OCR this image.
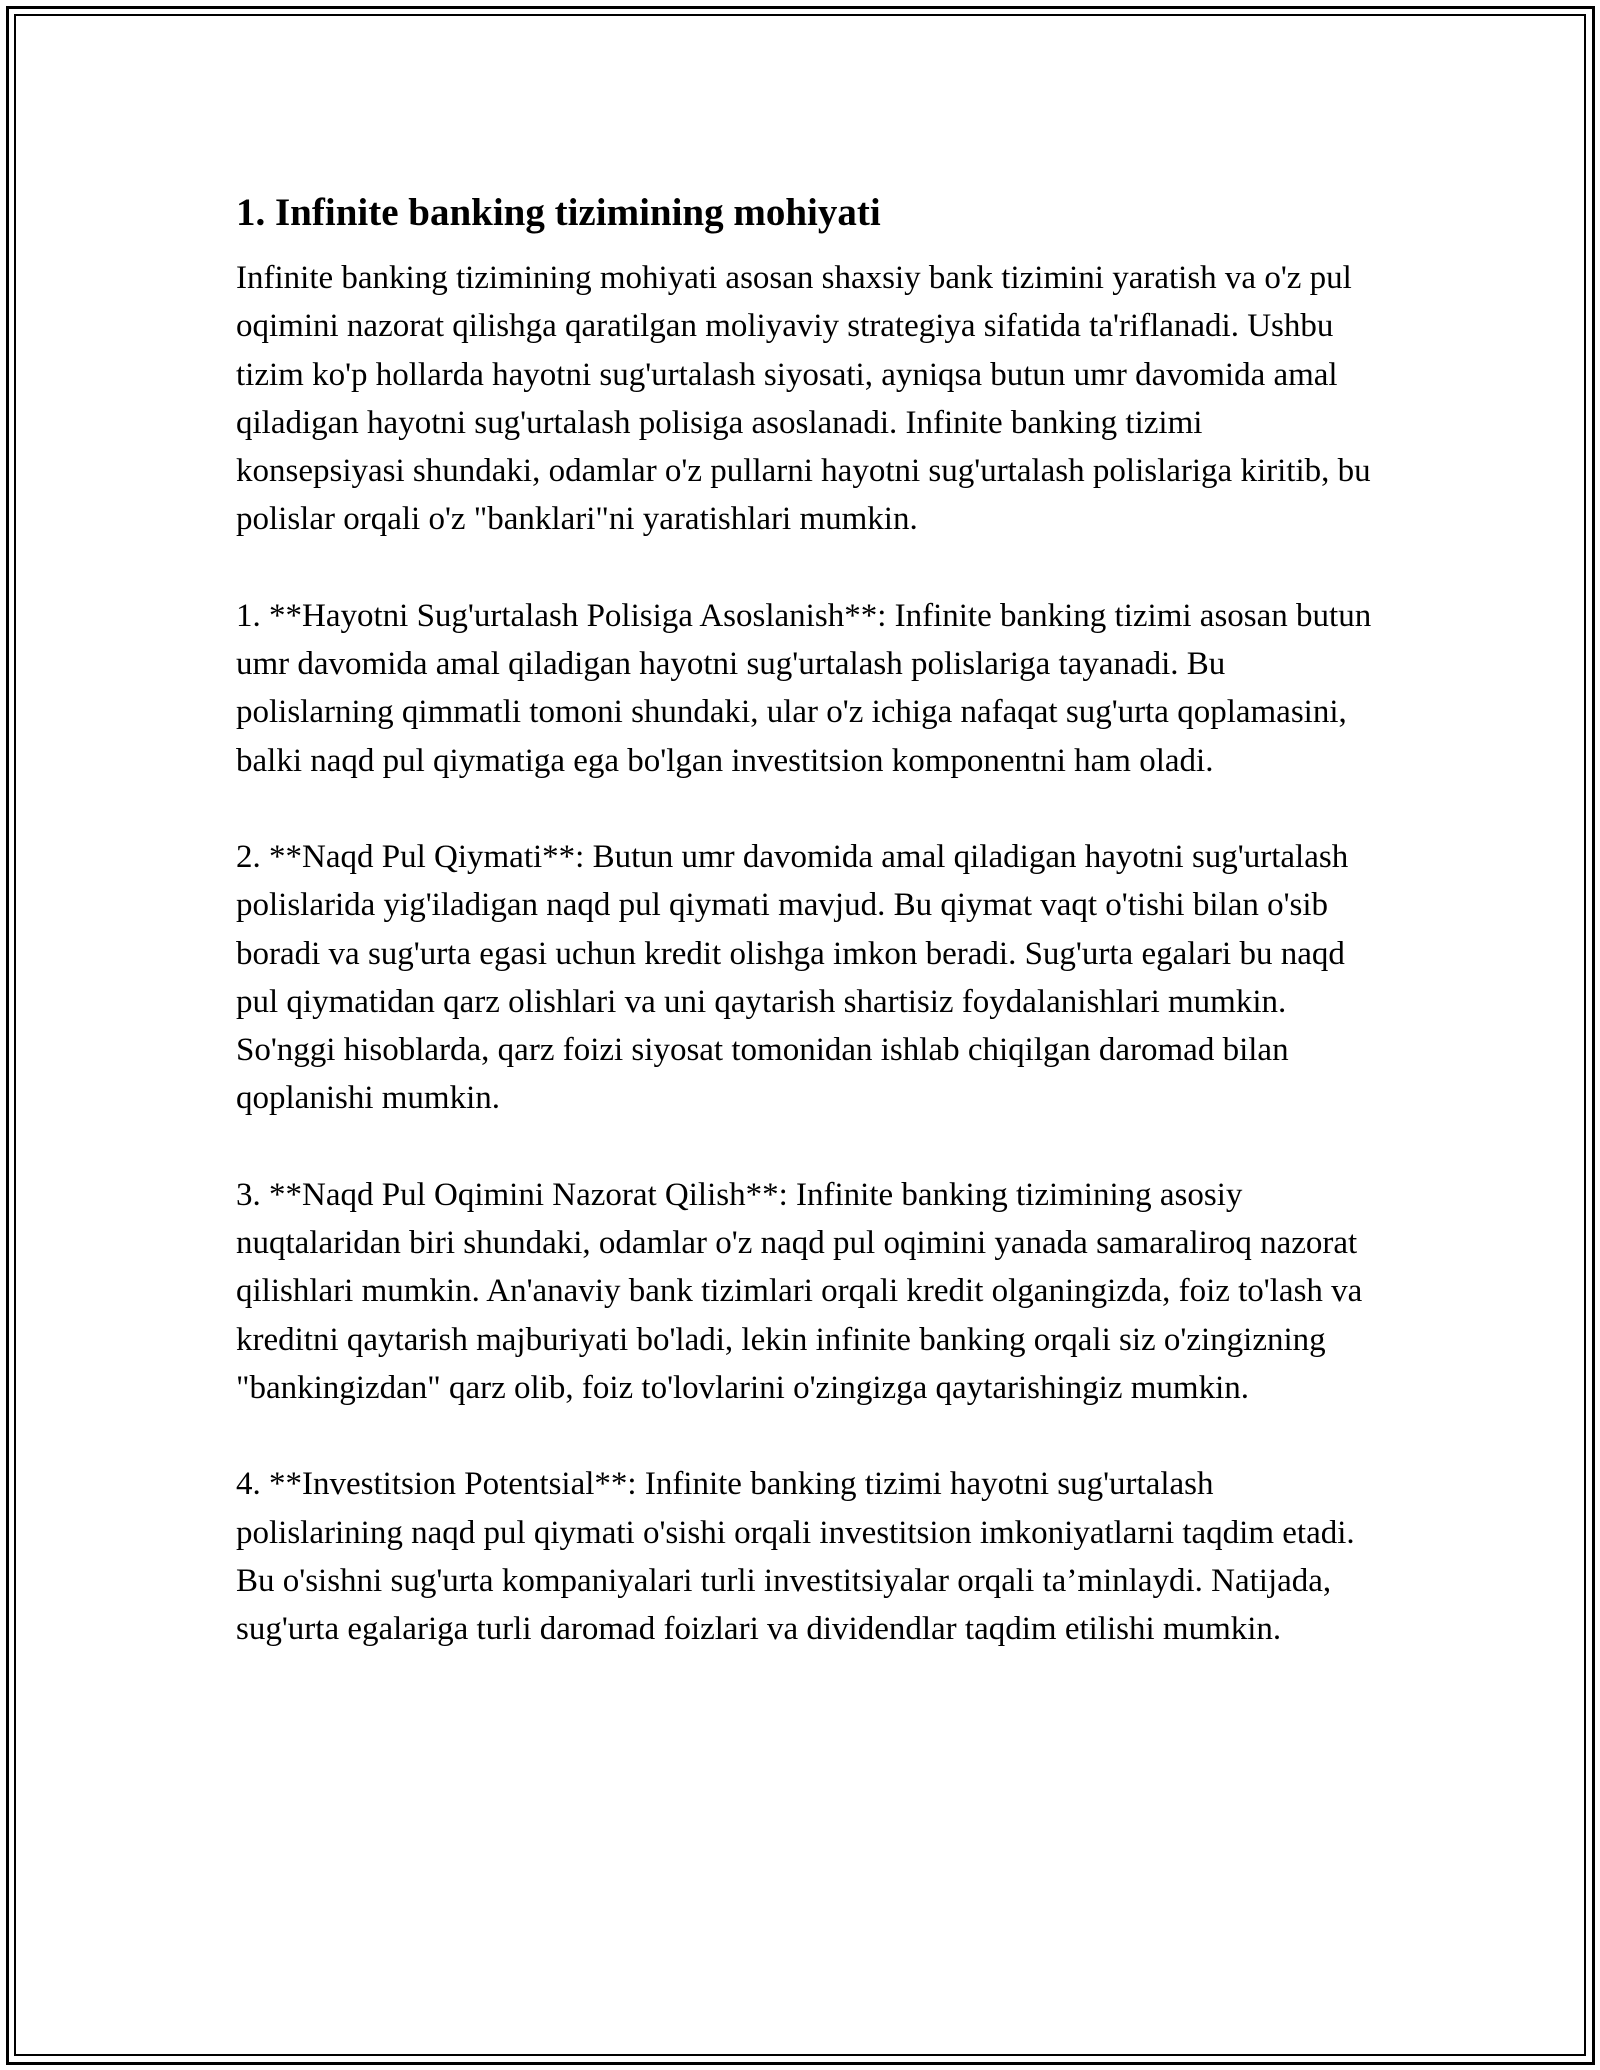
1. Infinite banking tizimining mohiyati

Infinite banking tizimining mohiyati asosan shaxsiy bank tizimini yaratish va o'z pul oqimini nazorat qilishga qaratilgan moliyaviy strategiya sifatida ta'riflanadi. Ushbu tizim ko'p hollarda hayotni sug'urtalash siyosati, ayniqsa butun umr davomida amal qiladigan hayotni sug'urtalash polisiga asoslanadi. Infinite banking tizimi konsepsiyasi shundaki, odamlar o'z pullarni hayotni sug'urtalash polislariga kiritib, bu polislar orqali o'z "banklari"ni yaratishlari mumkin.

1. **Hayotni Sug'urtalash Polisiga Asoslanish**: Infinite banking tizimi asosan butun umr davomida amal qiladigan hayotni sug'urtalash polislariga tayanadi. Bu polislarning qimmatli tomoni shundaki, ular o'z ichiga nafaqat sug'urta qoplamasini, balki naqd pul qiymatiga ega bo'lgan investitsion komponentni ham oladi.

2. **Naqd Pul Qiymati**: Butun umr davomida amal qiladigan hayotni sug'urtalash polislarida yig'iladigan naqd pul qiymati mavjud. Bu qiymat vaqt o'tishi bilan o'sib boradi va sug'urta egasi uchun kredit olishga imkon beradi. Sug'urta egalari bu naqd pul qiymatidan qarz olishlari va uni qaytarish shartisiz foydalanishlari mumkin. So'nggi hisoblarda, qarz foizi siyosat tomonidan ishlab chiqilgan daromad bilan qoplanishi mumkin.

3. **Naqd Pul Oqimini Nazorat Qilish**: Infinite banking tizimining asosiy nuqtalaridan biri shundaki, odamlar o'z naqd pul oqimini yanada samaraliroq nazorat qilishlari mumkin. An'anaviy bank tizimlari orqali kredit olganingizda, foiz to'lash va kreditni qaytarish majburiyati bo'ladi, lekin infinite banking orqali siz o'zingizning "bankingizdan" qarz olib, foiz to'lovlarini o'zingizga qaytarishingiz mumkin.

4. **Investitsion Potentsial**: Infinite banking tizimi hayotni sug'urtalash polislarining naqd pul qiymati o'sishi orqali investitsion imkoniyatlarni taqdim etadi. Bu o'sishni sug'urta kompaniyalari turli investitsiyalar orqali ta’minlaydi. Natijada, sug'urta egalariga turli daromad foizlari va dividendlar taqdim etilishi mumkin.
